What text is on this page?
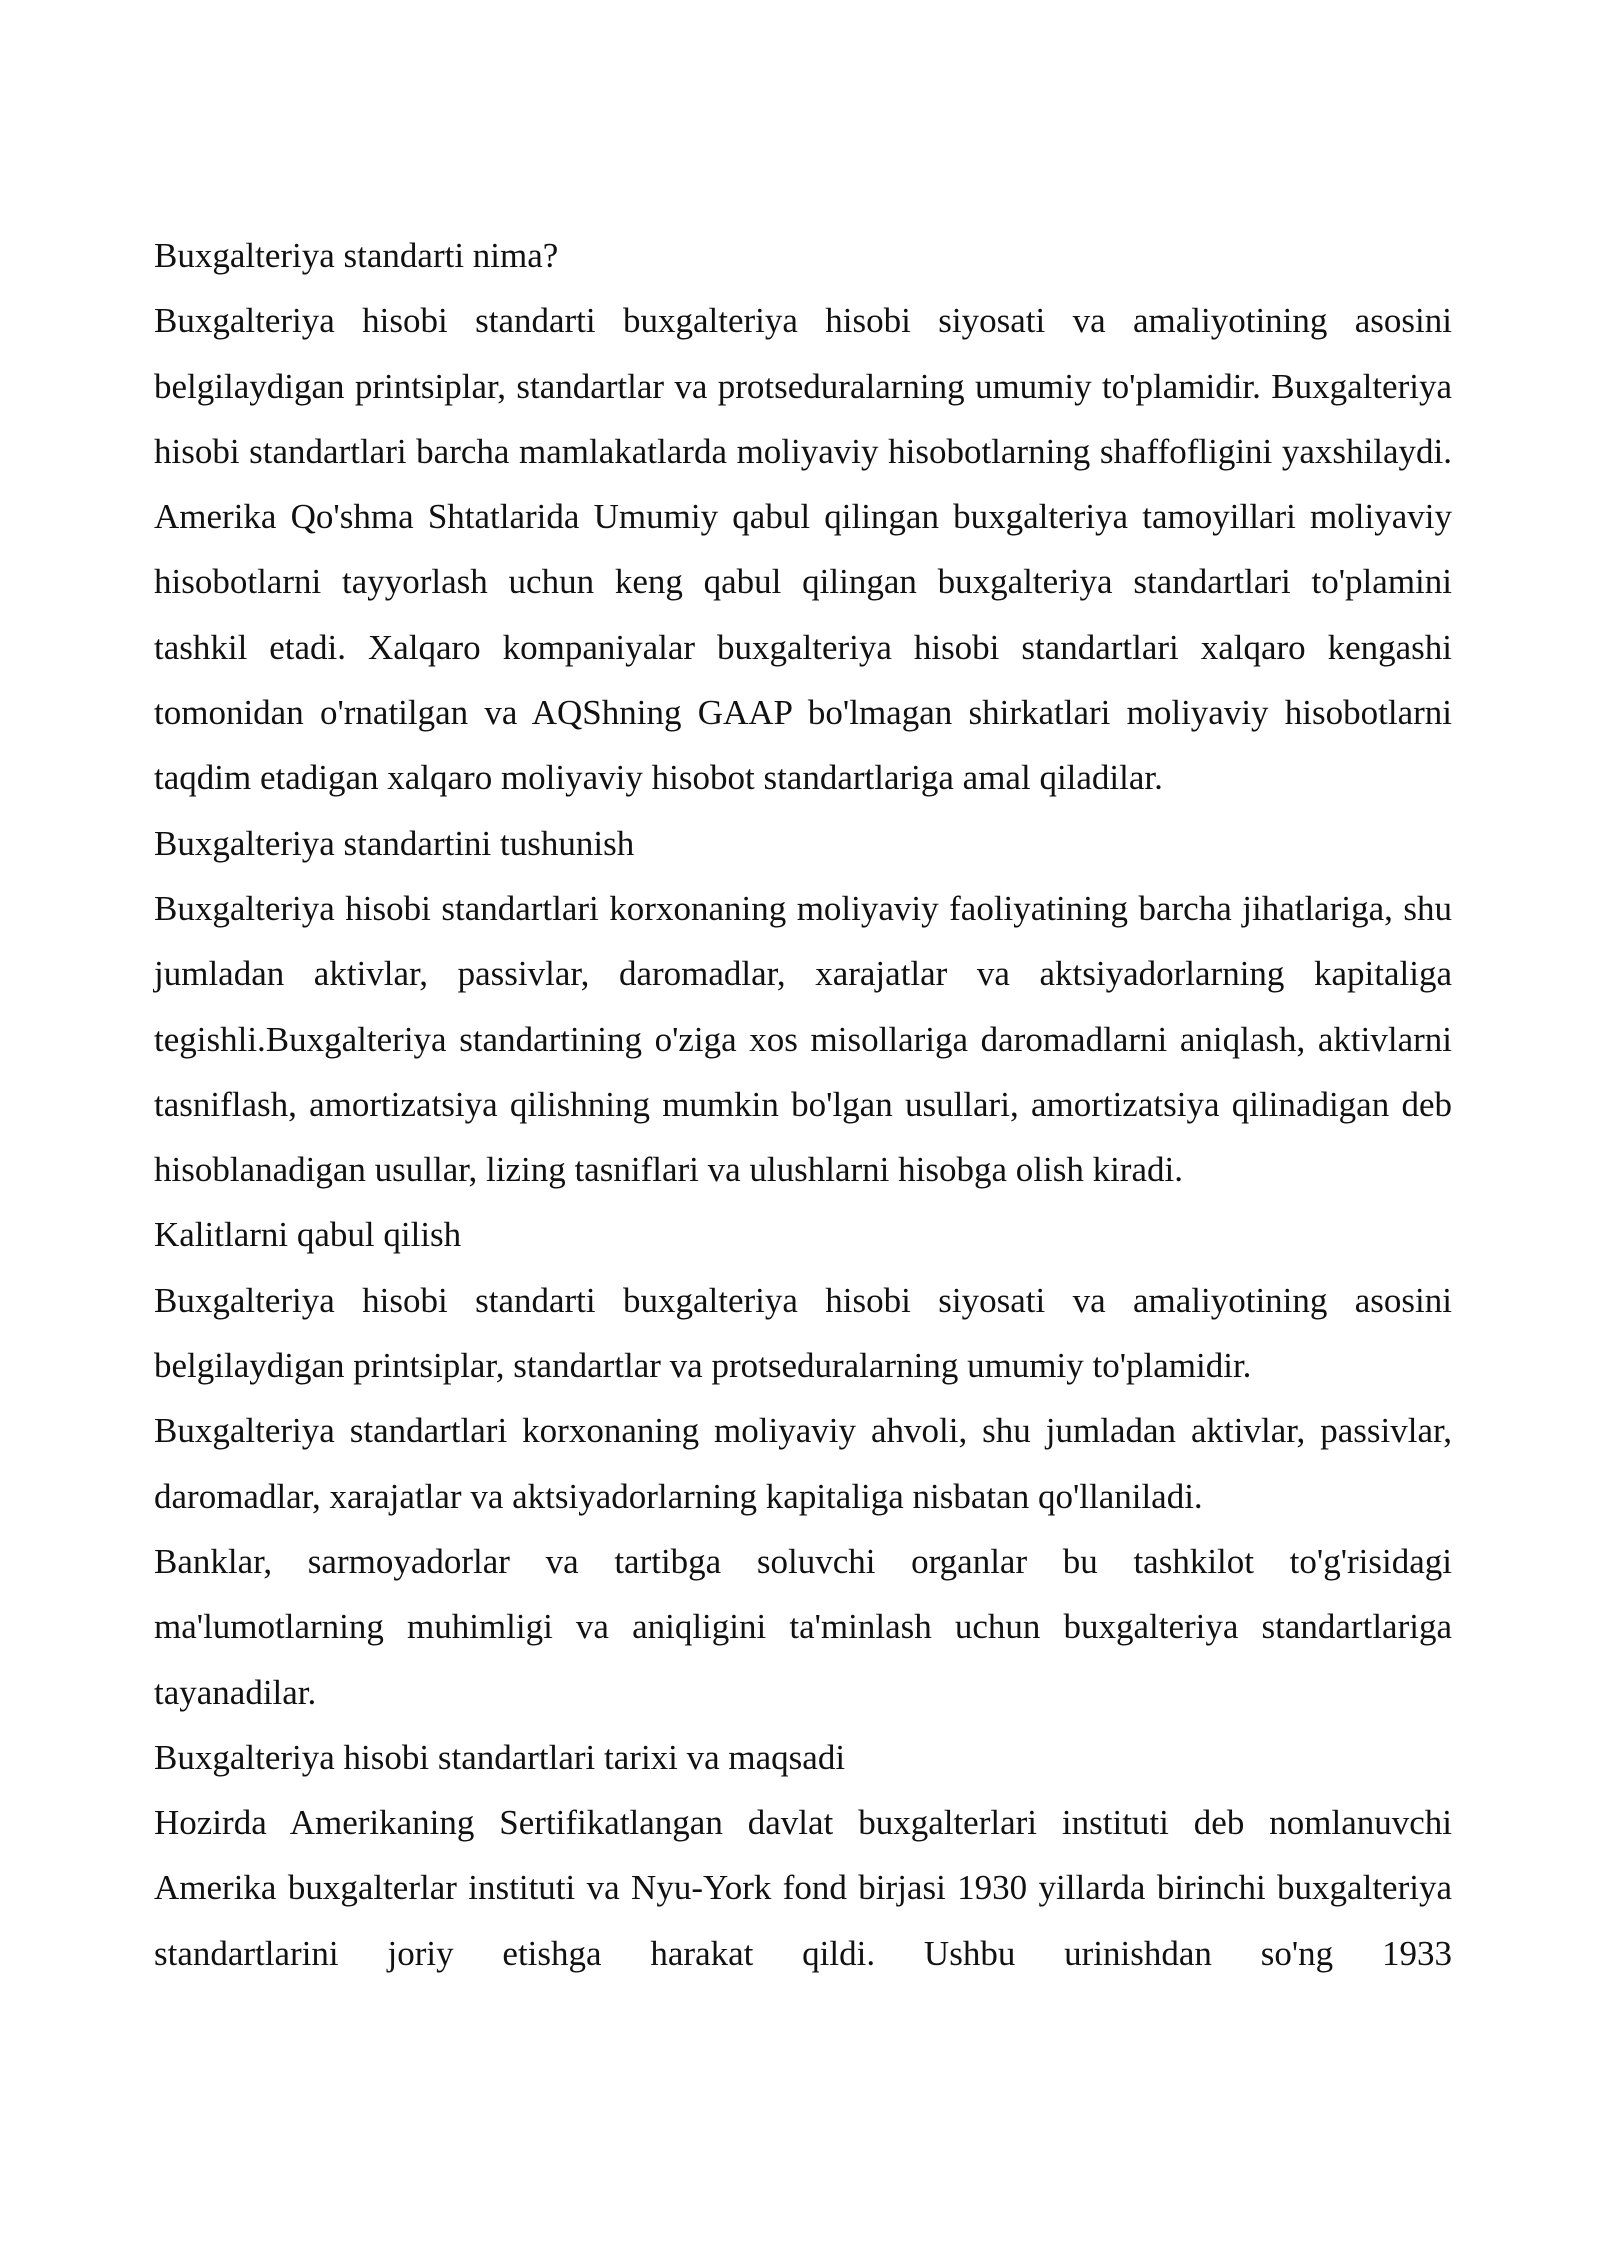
Buxgalteriya standarti nima?

Buxgalteriya hisobi standarti buxgalteriya hisobi siyosati va amaliyotining asosini belgilaydigan printsiplar, standartlar va protseduralarning umumiy to'plamidir. Buxgalteriya hisobi standartlari barcha mamlakatlarda moliyaviy hisobotlarning shaffofligini yaxshilaydi. Amerika Qo'shma Shtatlarida Umumiy qabul qilingan buxgalteriya tamoyillari moliyaviy hisobotlarni tayyorlash uchun keng qabul qilingan buxgalteriya standartlari to'plamini tashkil etadi. Xalqaro kompaniyalar buxgalteriya hisobi standartlari xalqaro kengashi tomonidan o'rnatilgan va AQShning GAAP bo'lmagan shirkatlari moliyaviy hisobotlarni taqdim etadigan xalqaro moliyaviy hisobot standartlariga amal qiladilar.

Buxgalteriya standartini tushunish

Buxgalteriya hisobi standartlari korxonaning moliyaviy faoliyatining barcha jihatlariga, shu jumladan aktivlar, passivlar, daromadlar, xarajatlar va aktsiyadorlarning kapitaliga tegishli.Buxgalteriya standartining o'ziga xos misollariga daromadlarni aniqlash, aktivlarni tasniflash, amortizatsiya qilishning mumkin bo'lgan usullari, amortizatsiya qilinadigan deb hisoblanadigan usullar, lizing tasniflari va ulushlarni hisobga olish kiradi.

Kalitlarni qabul qilish

Buxgalteriya hisobi standarti buxgalteriya hisobi siyosati va amaliyotining asosini belgilaydigan printsiplar, standartlar va protseduralarning umumiy to'plamidir.

Buxgalteriya standartlari korxonaning moliyaviy ahvoli, shu jumladan aktivlar, passivlar, daromadlar, xarajatlar va aktsiyadorlarning kapitaliga nisbatan qo'llaniladi.

Banklar, sarmoyadorlar va tartibga soluvchi organlar bu tashkilot to'g'risidagi ma'lumotlarning muhimligi va aniqligini ta'minlash uchun buxgalteriya standartlariga tayanadilar.

Buxgalteriya hisobi standartlari tarixi va maqsadi

Hozirda Amerikaning Sertifikatlangan davlat buxgalterlari instituti deb nomlanuvchi Amerika buxgalterlar instituti va Nyu-York fond birjasi 1930 yillarda birinchi buxgalteriya standartlarini joriy etishga harakat qildi. Ushbu urinishdan so'ng 1933
